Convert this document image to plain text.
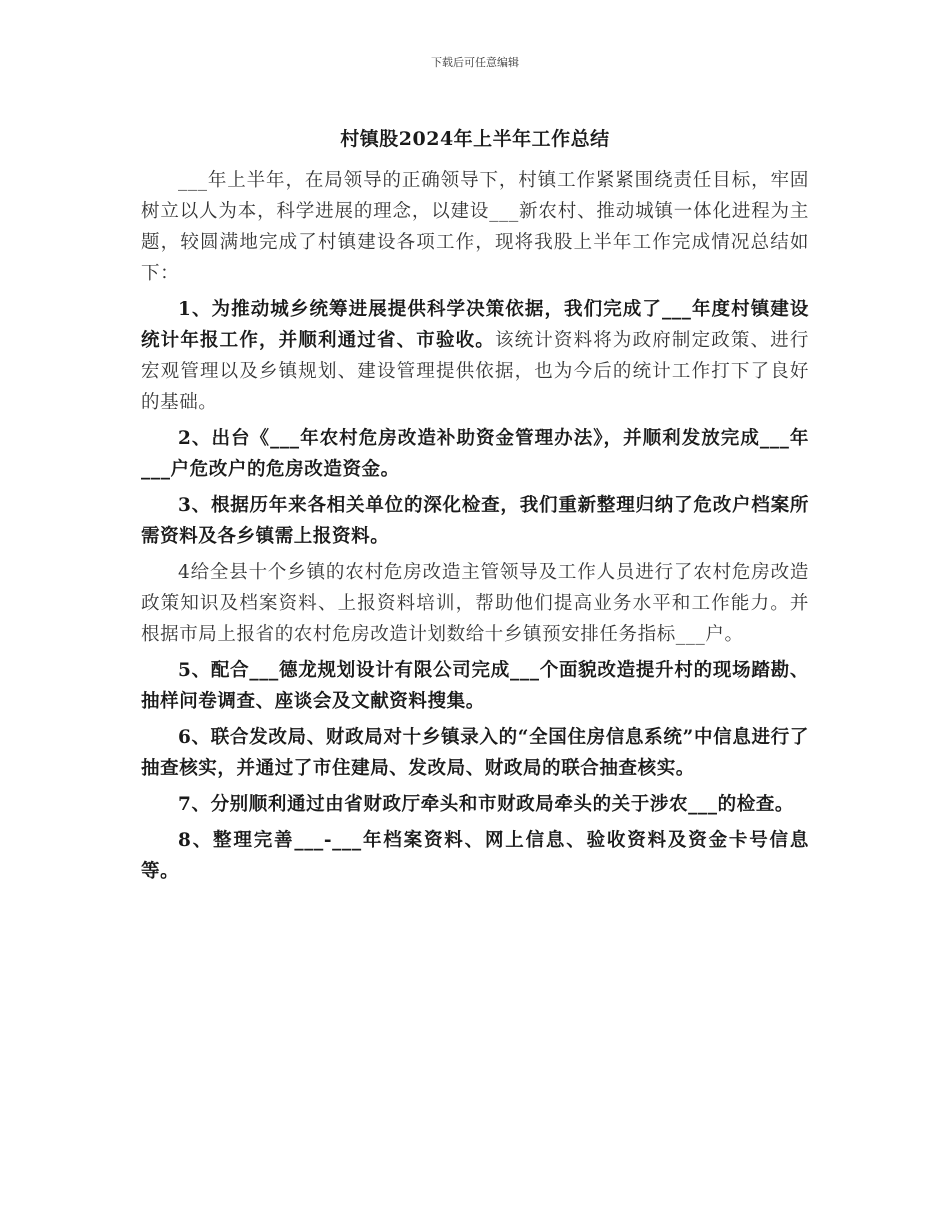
下载后可任意编辑
村镇股2024年上半年工作总结

___年上半年，在局领导的正确领导下，村镇工作紧紧围绕责任目标，牢固树立以人为本，科学进展的理念，以建设___新农村、推动城镇一体化进程为主题，较圆满地完成了村镇建设各项工作，现将我股上半年工作完成情况总结如下：

1、为推动城乡统筹进展提供科学决策依据，我们完成了___年度村镇建设统计年报工作，并顺利通过省、市验收。该统计资料将为政府制定政策、进行宏观管理以及乡镇规划、建设管理提供依据，也为今后的统计工作打下了良好的基础。

2、出台《___年农村危房改造补助资金管理办法》，并顺利发放完成___年___户危改户的危房改造资金。

3、根据历年来各相关单位的深化检查，我们重新整理归纳了危改户档案所需资料及各乡镇需上报资料。

4给全县十个乡镇的农村危房改造主管领导及工作人员进行了农村危房改造政策知识及档案资料、上报资料培训，帮助他们提高业务水平和工作能力。并根据市局上报省的农村危房改造计划数给十乡镇预安排任务指标___户。

5、配合___德龙规划设计有限公司完成___个面貌改造提升村的现场踏勘、抽样问卷调查、座谈会及文献资料搜集。

6、联合发改局、财政局对十乡镇录入的“全国住房信息系统”中信息进行了抽查核实，并通过了市住建局、发改局、财政局的联合抽查核实。

7、分别顺利通过由省财政厅牵头和市财政局牵头的关于涉农___的检查。

8、整理完善___-___年档案资料、网上信息、验收资料及资金卡号信息等。
